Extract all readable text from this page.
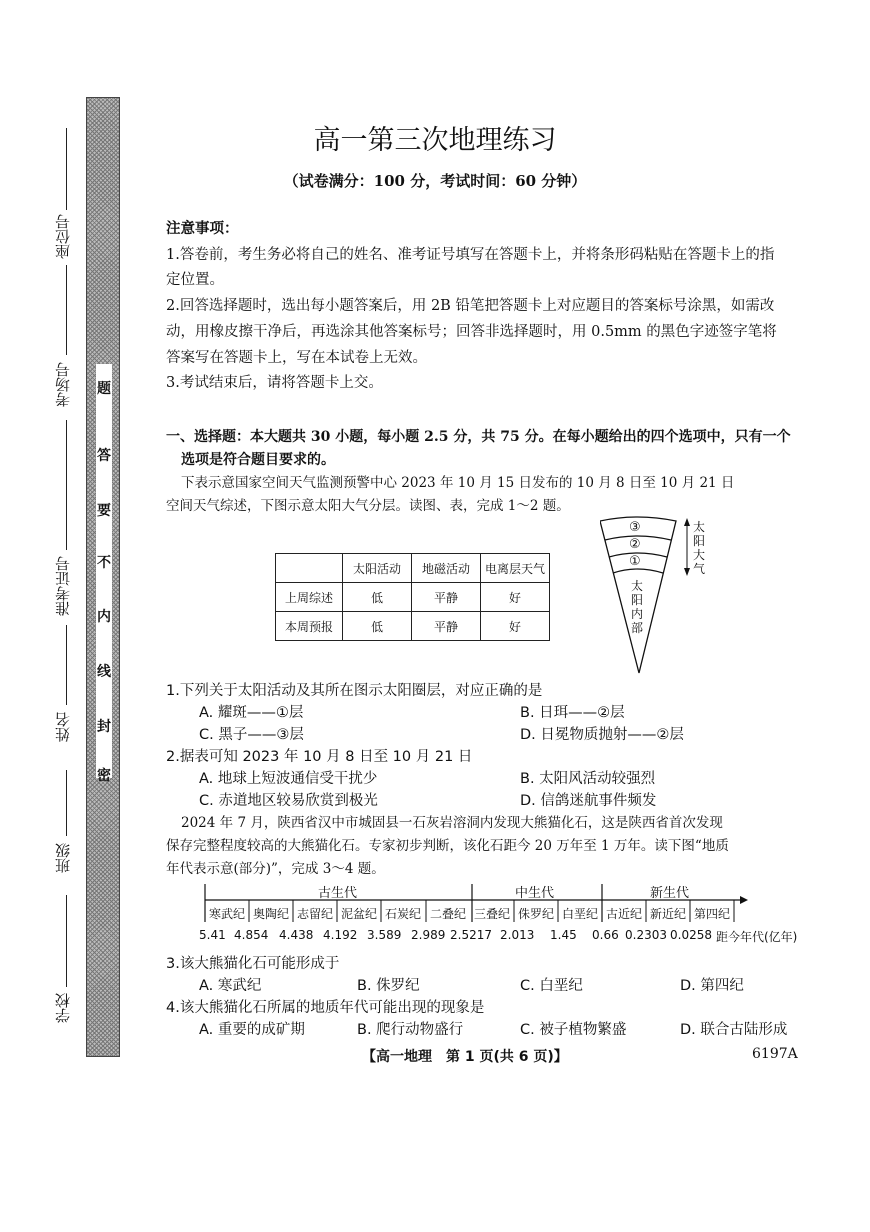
题
答
要
不
内
线
封
密
座位号
考场号
准考证号
姓名
班级
学校
高一第三次地理练习
（试卷满分：100 分，考试时间：60 分钟）
注意事项：
1.答卷前，考生务必将自己的姓名、准考证号填写在答题卡上，并将条形码粘贴在答题卡上的指
定位置。
2.回答选择题时，选出每小题答案后，用 2B 铅笔把答题卡上对应题目的答案标号涂黑，如需改
动，用橡皮擦干净后，再选涂其他答案标号；回答非选择题时，用 0.5mm 的黑色字迹签字笔将
答案写在答题卡上，写在本试卷上无效。
3.考试结束后，请将答题卡上交。
一、选择题：本大题共 30 小题，每小题 2.5 分，共 75 分。在每小题给出的四个选项中，只有一个
选项是符合题目要求的。
下表示意国家空间天气监测预警中心 2023 年 10 月 15 日发布的 10 月 8 日至 10 月 21 日
空间天气综述，下图示意太阳大气分层。读图、表，完成 1～2 题。
	太阳活动	地磁活动	电离层天气
上周综述	低	平静	好
本周预报	低	平静	好
③
②
①
太阳大气
太阳内部
1.下列关于太阳活动及其所在图示太阳圈层，对应正确的是
A. 耀斑——①层	B. 日珥——②层
C. 黑子——③层	D. 日冕物质抛射——②层
2.据表可知 2023 年 10 月 8 日至 10 月 21 日
A. 地球上短波通信受干扰少	B. 太阳风活动较强烈
C. 赤道地区较易欣赏到极光	D. 信鸽迷航事件频发
2024 年 7 月，陕西省汉中市城固县一石灰岩溶洞内发现大熊猫化石，这是陕西省首次发现
保存完整程度较高的大熊猫化石。专家初步判断，该化石距今 20 万年至 1 万年。读下图“地质
年代表示意(部分)”，完成 3～4 题。
古生代	中生代	新生代
寒武纪 奥陶纪 志留纪 泥盆纪 石炭纪 二叠纪 三叠纪 侏罗纪 白垩纪 古近纪 新近纪 第四纪
5.41 4.854 4.438 4.192 3.589 2.989 2.5217 2.013 1.45 0.66 0.2303 0.0258 距今年代(亿年)
3.该大熊猫化石可能形成于
A. 寒武纪	B. 侏罗纪	C. 白垩纪	D. 第四纪
4.该大熊猫化石所属的地质年代可能出现的现象是
A. 重要的成矿期	B. 爬行动物盛行	C. 被子植物繁盛	D. 联合古陆形成
【高一地理　第 1 页(共 6 页)】	6197A
